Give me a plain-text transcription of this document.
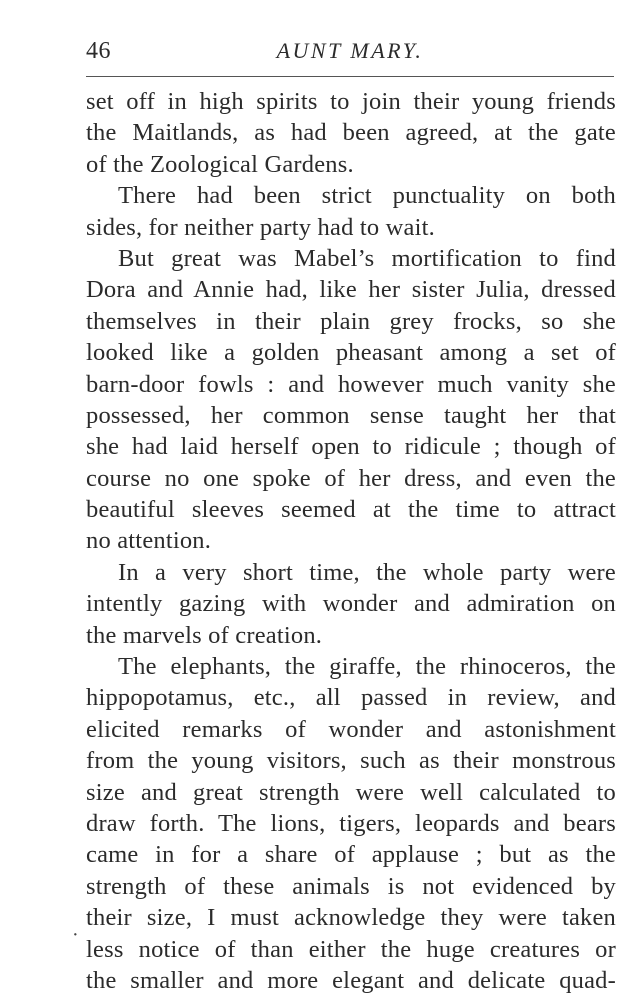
46	AUNT MARY.
set off in high spirits to join their young friends
the Maitlands, as had been agreed, at the gate
of the Zoological Gardens.
There had been strict punctuality on both
sides, for neither party had to wait.
But great was Mabel’s mortification to find
Dora and Annie had, like her sister Julia, dressed
themselves in their plain grey frocks, so she
looked like a golden pheasant among a set of
barn-door fowls : and however much vanity she
possessed, her common sense taught her that
she had laid herself open to ridicule ; though of
course no one spoke of her dress, and even the
beautiful sleeves seemed at the time to attract
no attention.
In a very short time, the whole party were
intently gazing with wonder and admiration on
the marvels of creation.
The elephants, the giraffe, the rhinoceros, the
hippopotamus, etc., all passed in review, and
elicited remarks of wonder and astonishment
from the young visitors, such as their monstrous
size and great strength were well calculated to
draw forth. The lions, tigers, leopards and bears
came in for a share of applause ; but as the
strength of these animals is not evidenced by
their size, I must acknowledge they were taken
less notice of than either the huge creatures or
the smaller and more elegant and delicate quad-
·
